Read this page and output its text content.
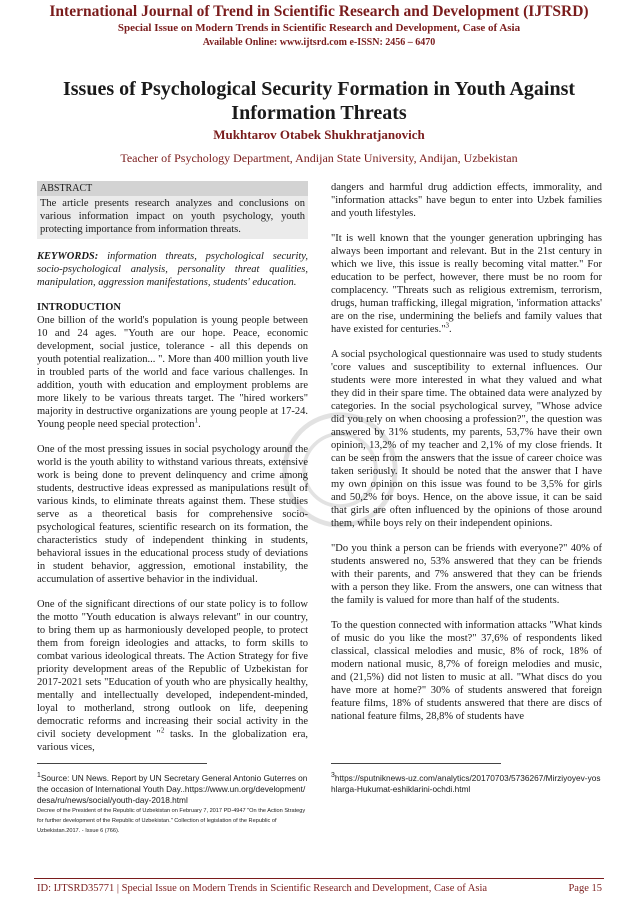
International Journal of Trend in Scientific Research and Development (IJTSRD)
Special Issue on Modern Trends in Scientific Research and Development, Case of Asia
Available Online: www.ijtsrd.com e-ISSN: 2456 – 6470
Issues of Psychological Security Formation in Youth Against Information Threats
Mukhtarov Otabek Shukhratjanovich
Teacher of Psychology Department, Andijan State University, Andijan, Uzbekistan
ABSTRACT
The article presents research analyzes and conclusions on various information impact on youth psychology, youth protecting importance from information threats.
KEYWORDS: information threats, psychological security, socio-psychological analysis, personality threat qualities, manipulation, aggression manifestations, students' education.
INTRODUCTION

One billion of the world's population is young people between 10 and 24 ages. "Youth are our hope. Peace, economic development, social justice, tolerance - all this depends on youth potential realization... ". More than 400 million youth live in troubled parts of the world and face various challenges. In addition, youth with education and employment problems are more likely to be various threats target. The "hired workers" majority in destructive organizations are young people at 17-24. Young people need special protection$^1$.

One of the most pressing issues in social psychology around the world is the youth ability to withstand various threats, extensive work is being done to prevent delinquency and crime among students, destructive ideas expressed as manipulations result of various kinds, to eliminate threats against them. These studies serve as a theoretical basis for comprehensive socio-psychological features, scientific research on its formation, the characteristics study of independent thinking in students, behavioral issues in the educational process study of deviations in student behavior, aggression, emotional instability, the accumulation of assertive behavior in the individual.

One of the significant directions of our state policy is to follow the motto "Youth education is always relevant" in our country, to bring them up as harmoniously developed people, to protect them from foreign ideologies and attacks, to form skills to combat various ideological threats. The Action Strategy for five priority development areas of the Republic of Uzbekistan for 2017-2021 sets "Education of youth who are physically healthy, mentally and intellectually developed, independent-minded, loyal to motherland, strong outlook on life, deepening democratic reforms and increasing their social activity in the civil society development "$^2$ tasks. In the globalization era, various vices,

dangers and harmful drug addiction effects, immorality, and "information attacks" have begun to enter into Uzbek families and youth lifestyles.

"It is well known that the younger generation upbringing has always been important and relevant. But in the 21st century in which we live, this issue is really becoming vital matter." For education to be perfect, however, there must be no room for complacency. "Threats such as religious extremism, terrorism, drugs, human trafficking, illegal migration, 'information attacks' are on the rise, undermining the beliefs and family values that have existed for centuries."$^3$.

A social psychological questionnaire was used to study students 'core values and susceptibility to external influences. Our students were more interested in what they valued and what they did in their spare time. The obtained data were analyzed by categories. In the social psychological survey, "Whose advice did you rely on when choosing a profession?", the question was answered by 31% students, my parents, 53,7% have their own opinion, 13,2% of my teacher and 2,1% of my close friends. It can be seen from the answers that the issue of career choice was taken seriously. It should be noted that the answer that I have my own opinion on this issue was found to be 3,5% for girls and 50,2% for boys. Hence, on the above issue, it can be said that girls are often influenced by the opinions of those around them, while boys rely on their independent opinions.

"Do you think a person can be friends with everyone?" 40% of students answered no, 53% answered that they can be friends with their parents, and 7% answered that they can be friends with a person they like. From the answers, one can witness that the family is valued for more than half of the students.

To the question connected with information attacks "What kinds of music do you like the most?" 37,6% of respondents liked classical, classical melodies and music, 8% of rock, 18% of modern national music, 8,7% of foreign melodies and music, and (21,5%) did not listen to music at all. "What discs do you have more at home?" 30% of students answered that foreign feature films, 18% of students answered that there are discs of national feature films, 28,8% of students have

$^1$Source: UN News. Report by UN Secretary General Antonio Guterres on the occasion of International Youth Day..https://www.un.org/development/desa/ru/news/social/youth-day-2018.html

Decree of the President of the Republic of Uzbekistan on February 7, 2017 PD-4947 "On the Action Strategy for further development of the Republic of Uzbekistan." Collection of legislation of the Republic of Uzbekistan.2017. - Issue 6 (766).

$^3$https://sputniknews-uz.com/analytics/20170703/5736267/Mirziyoyev-yoshlarga-Hukumat-eshiklarini-ochdi.html

ID: IJTSRD35771 | Special Issue on Modern Trends in Scientific Research and Development, Case of Asia	Page 15
